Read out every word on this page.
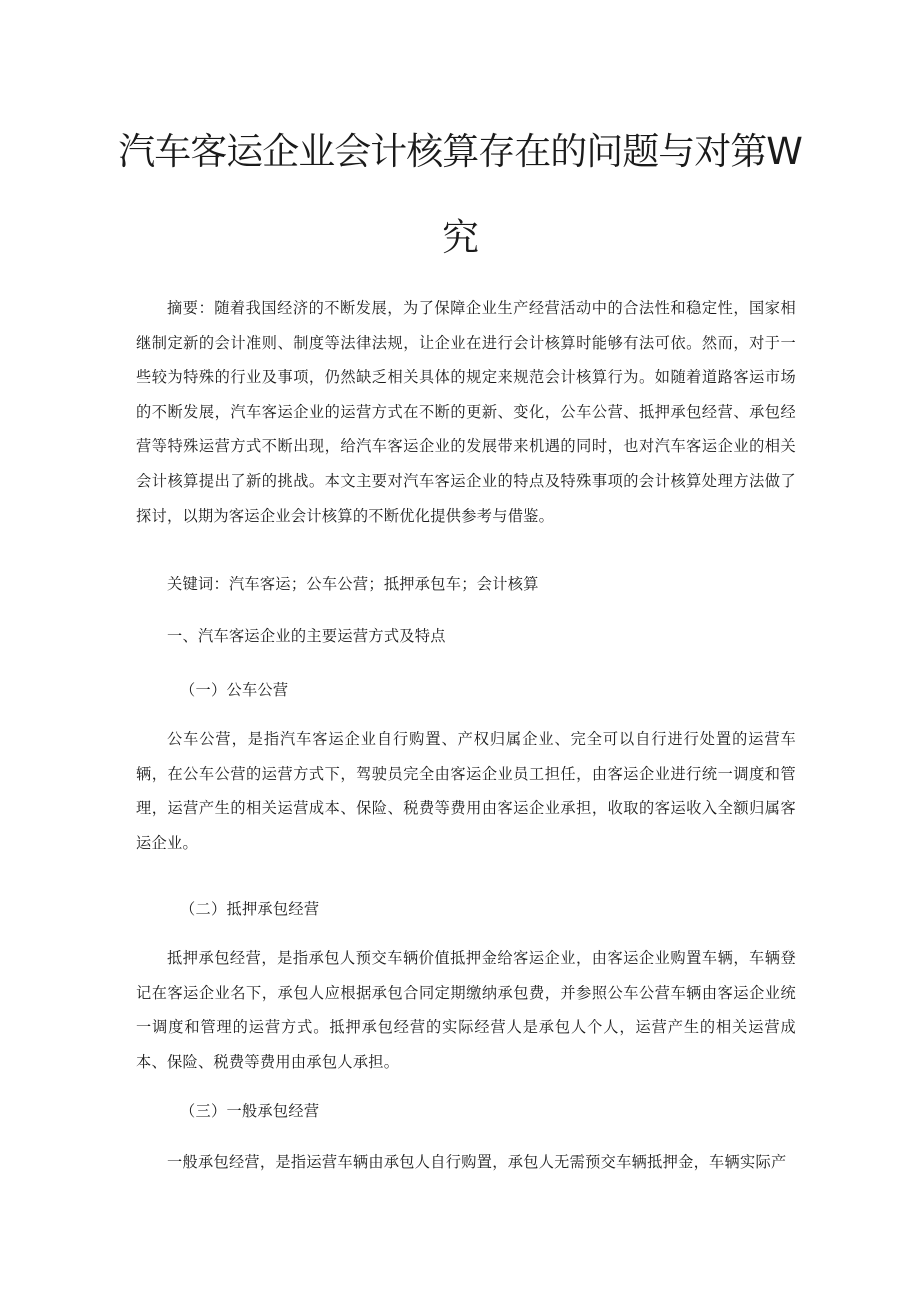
汽车客运企业会计核算存在的问题与对第W
究

摘要：随着我国经济的不断发展，为了保障企业生产经营活动中的合法性和稳定性，国家相继制定新的会计准则、制度等法律法规，让企业在进行会计核算时能够有法可依。然而，对于一些较为特殊的行业及事项，仍然缺乏相关具体的规定来规范会计核算行为。如随着道路客运市场的不断发展，汽车客运企业的运营方式在不断的更新、变化，公车公营、抵押承包经营、承包经营等特殊运营方式不断出现，给汽车客运企业的发展带来机遇的同时，也对汽车客运企业的相关会计核算提出了新的挑战。本文主要对汽车客运企业的特点及特殊事项的会计核算处理方法做了探讨，以期为客运企业会计核算的不断优化提供参考与借鉴。

关键词：汽车客运；公车公营；抵押承包车；会计核算

一、汽车客运企业的主要运营方式及特点

（一）公车公营

公车公营，是指汽车客运企业自行购置、产权归属企业、完全可以自行进行处置的运营车辆，在公车公营的运营方式下，驾驶员完全由客运企业员工担任，由客运企业进行统一调度和管理，运营产生的相关运营成本、保险、税费等费用由客运企业承担，收取的客运收入全额归属客运企业。

（二）抵押承包经营

抵押承包经营，是指承包人预交车辆价值抵押金给客运企业，由客运企业购置车辆，车辆登记在客运企业名下，承包人应根据承包合同定期缴纳承包费，并参照公车公营车辆由客运企业统一调度和管理的运营方式。抵押承包经营的实际经营人是承包人个人，运营产生的相关运营成本、保险、税费等费用由承包人承担。

（三）一般承包经营

一般承包经营，是指运营车辆由承包人自行购置，承包人无需预交车辆抵押金，车辆实际产
